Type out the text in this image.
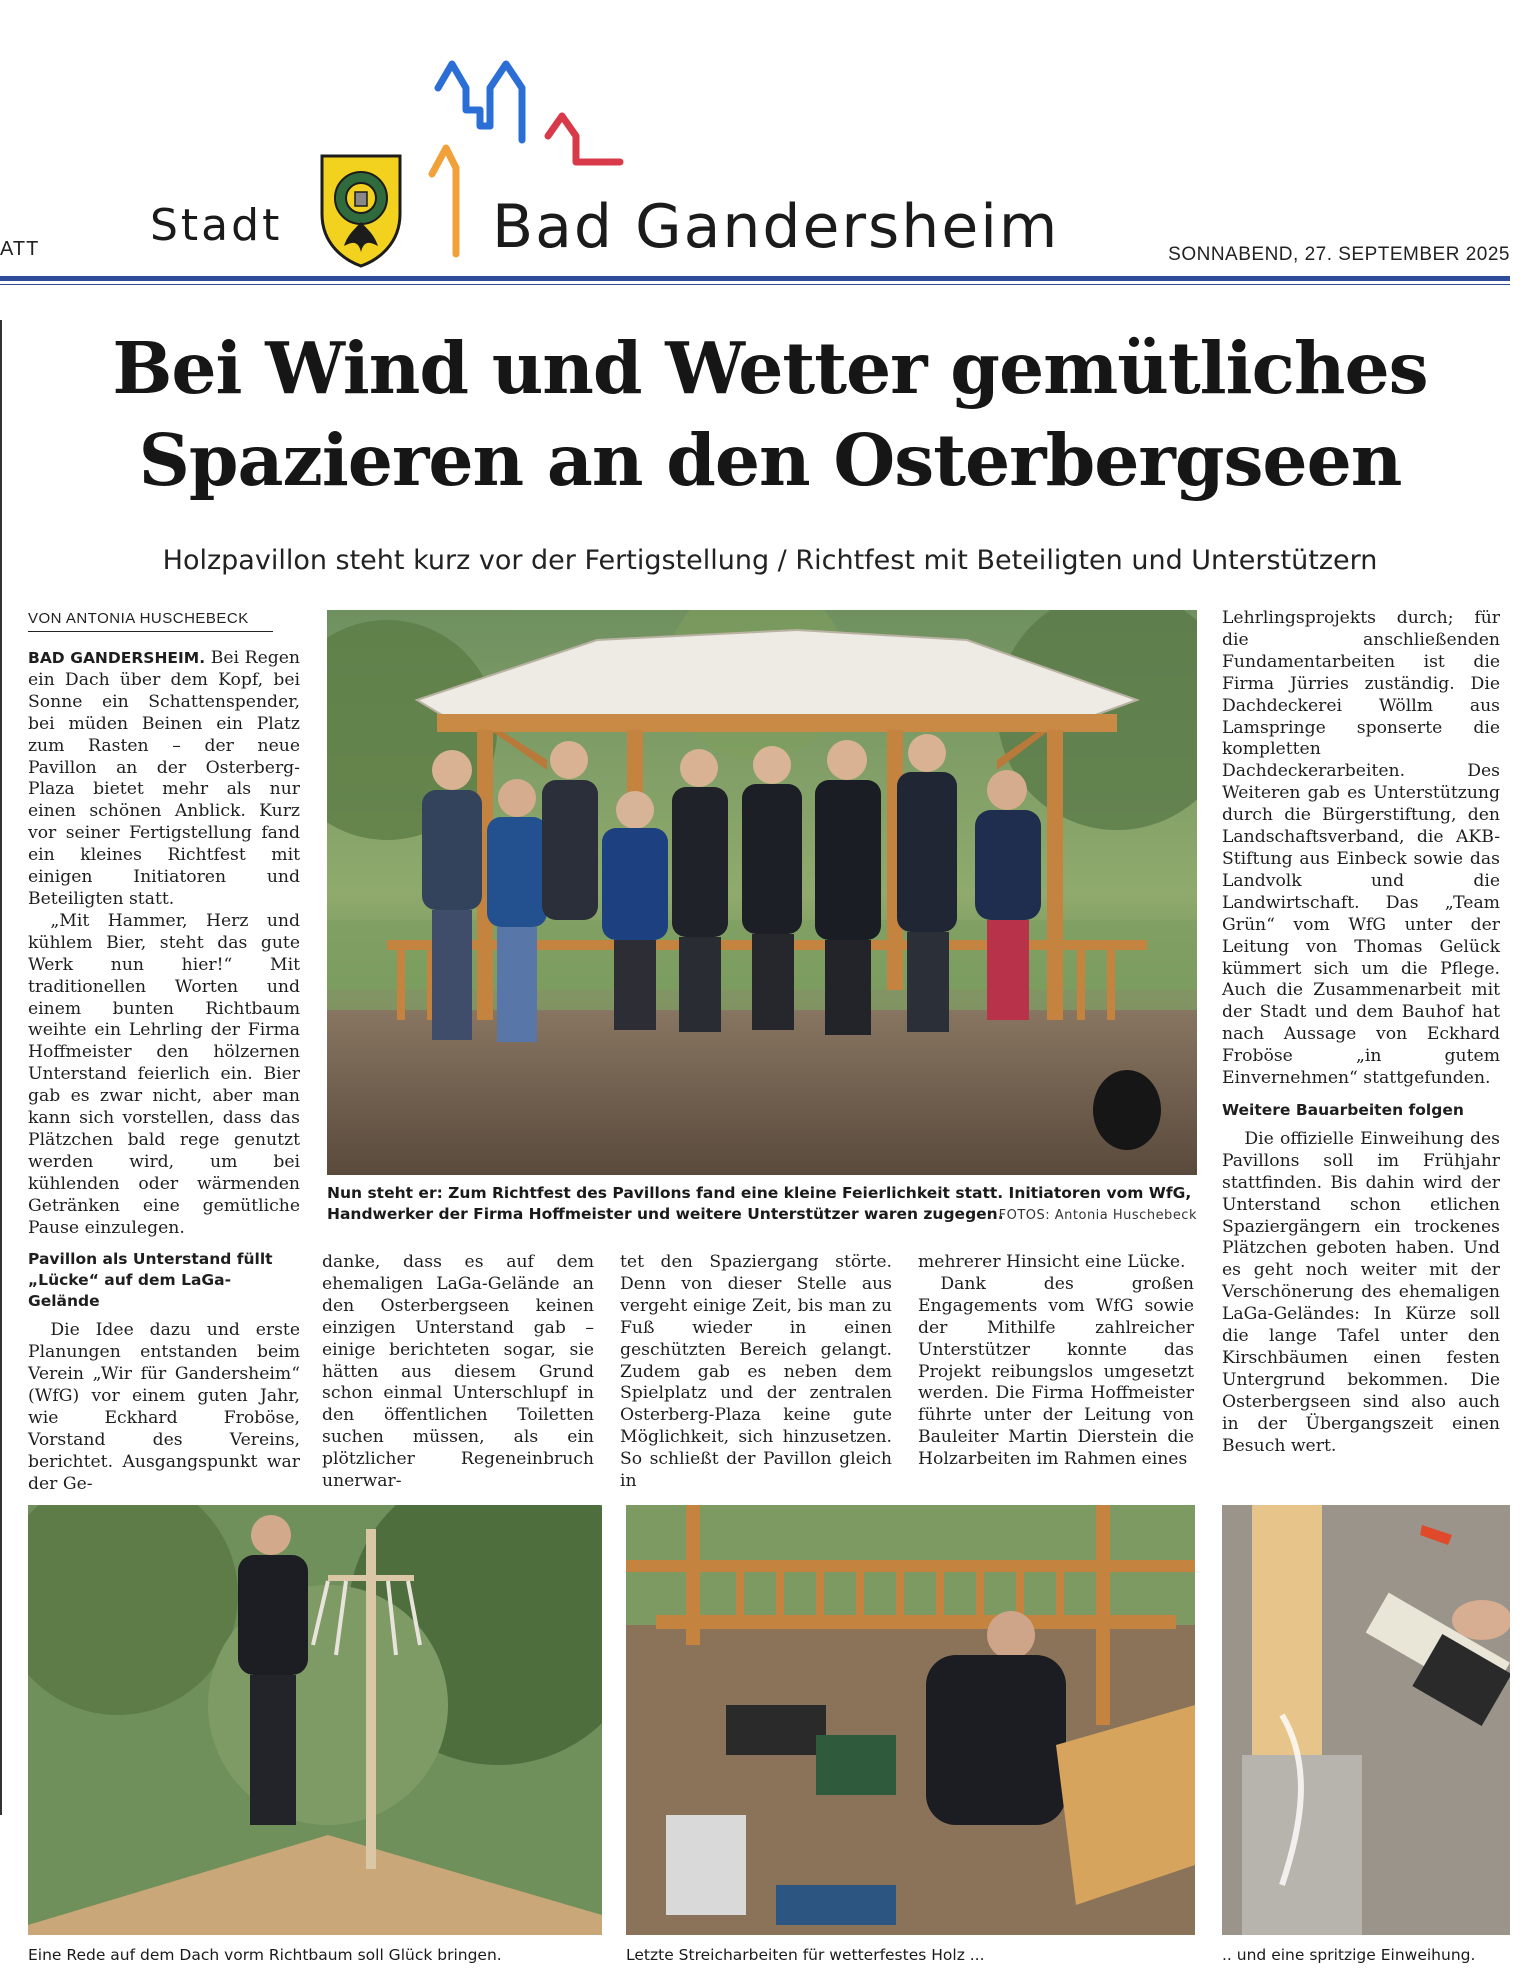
ATT	Stadt	Bad Gandersheim	SONNABEND, 27. SEPTEMBER 2025
Bei Wind und Wetter gemütliches
Spazieren an den Osterbergseen
Holzpavillon steht kurz vor der Fertigstellung / Richtfest mit Beteiligten und Unterstützern
VON ANTONIA HUSCHEBECK

BAD GANDERSHEIM. Bei Regen ein Dach über dem Kopf, bei Sonne ein Schattenspender, bei müden Beinen ein Platz zum Rasten – der neue Pavillon an der Osterberg-Plaza bietet mehr als nur einen schönen Anblick. Kurz vor seiner Fertigstellung fand ein kleines Richtfest mit einigen Initiatoren und Beteiligten statt.

„Mit Hammer, Herz und kühlem Bier, steht das gute Werk nun hier!“ Mit traditionellen Worten und einem bunten Richtbaum weihte ein Lehrling der Firma Hoffmeister den hölzernen Unterstand feierlich ein. Bier gab es zwar nicht, aber man kann sich vorstellen, dass das Plätzchen bald rege genutzt werden wird, um bei kühlenden oder wärmenden Getränken eine gemütliche Pause einzulegen.

Pavillon als Unterstand füllt „Lücke“ auf dem LaGa-Gelände

Die Idee dazu und erste Planungen entstanden beim Verein „Wir für Gandersheim“ (WfG) vor einem guten Jahr, wie Eckhard Froböse, Vorstand des Vereins, berichtet. Ausgangspunkt war der Ge-

Nun steht er: Zum Richtfest des Pavillons fand eine kleine Feierlichkeit statt. Initiatoren vom WfG, Handwerker der Firma Hoffmeister und weitere Unterstützer waren zugegen.
FOTOS: Antonia Huschebeck

danke, dass es auf dem ehemaligen LaGa-Gelände an den Osterbergseen keinen einzigen Unterstand gab – einige berichteten sogar, sie hätten aus diesem Grund schon einmal Unterschlupf in den öffentlichen Toiletten suchen müssen, als ein plötzlicher Regeneinbruch unerwar-

tet den Spaziergang störte. Denn von dieser Stelle aus vergeht einige Zeit, bis man zu Fuß wieder in einen geschützten Bereich gelangt. Zudem gab es neben dem Spielplatz und der zentralen Osterberg-Plaza keine gute Möglichkeit, sich hinzusetzen. So schließt der Pavillon gleich in

mehrerer Hinsicht eine Lücke.

Dank des großen Engagements vom WfG sowie der Mithilfe zahlreicher Unterstützer konnte das Projekt reibungslos umgesetzt werden. Die Firma Hoffmeister führte unter der Leitung von Bauleiter Martin Dierstein die Holzarbeiten im Rahmen eines

Lehrlingsprojekts durch; für die anschließenden Fundamentarbeiten ist die Firma Jürries zuständig. Die Dachdeckerei Wöllm aus Lamspringe sponserte die kompletten Dachdeckerarbeiten. Des Weiteren gab es Unterstützung durch die Bürgerstiftung, den Landschaftsverband, die AKB-Stiftung aus Einbeck sowie das Landvolk und die Landwirtschaft. Das „Team Grün“ vom WfG unter der Leitung von Thomas Gelück kümmert sich um die Pflege. Auch die Zusammenarbeit mit der Stadt und dem Bauhof hat nach Aussage von Eckhard Froböse „in gutem Einvernehmen“ stattgefunden.

Weitere Bauarbeiten folgen

Die offizielle Einweihung des Pavillons soll im Frühjahr stattfinden. Bis dahin wird der Unterstand schon etlichen Spaziergängern ein trockenes Plätzchen geboten haben. Und es geht noch weiter mit der Verschönerung des ehemaligen LaGa-Geländes: In Kürze soll die lange Tafel unter den Kirschbäumen einen festen Untergrund bekommen. Die Osterbergseen sind also auch in der Übergangszeit einen Besuch wert.

Eine Rede auf dem Dach vorm Richtbaum soll Glück bringen.	Letzte Streicharbeiten für wetterfestes Holz ...	.. und eine spritzige Einweihung.
